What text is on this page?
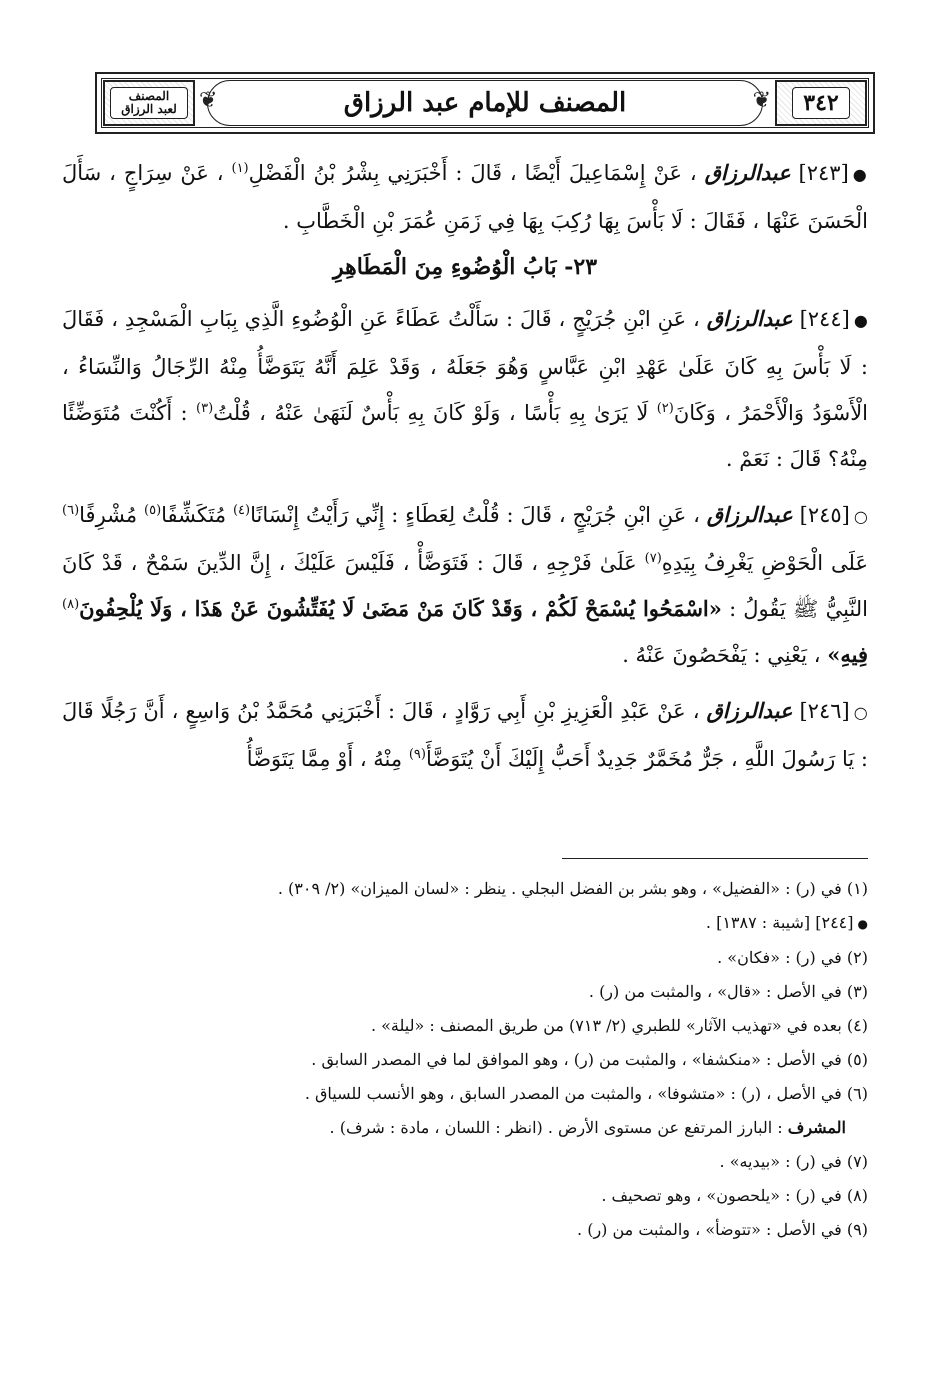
٣٤٢
❦
المصنف للإمام عبد الرزاق
❦
المصنف
لعبد الرزاق

●[٢٤٣] عبدالرزاق ، عَنْ إِسْمَاعِيلَ أَيْضًا ، قَالَ : أَخْبَرَنِي بِشْرُ بْنُ الْفَضْلِ$^{(١)}$ ، عَنْ سِرَاجٍ ، سَأَلَ الْحَسَنَ عَنْهَا ، فَقَالَ : لَا بَأْسَ بِهَا رُكِبَ بِهَا فِي زَمَنِ عُمَرَ بْنِ الْخَطَّابِ .

٢٣- بَابُ الْوُضُوءِ مِنَ الْمَطَاهِرِ

●[٢٤٤] عبدالرزاق ، عَنِ ابْنِ جُرَيْجٍ ، قَالَ : سَأَلْتُ عَطَاءً عَنِ الْوُضُوءِ الَّذِي بِبَابِ الْمَسْجِدِ ، فَقَالَ : لَا بَأْسَ بِهِ كَانَ عَلَىٰ عَهْدِ ابْنِ عَبَّاسٍ وَهُوَ جَعَلَهُ ، وَقَدْ عَلِمَ أَنَّهُ يَتَوَضَّأُ مِنْهُ الرِّجَالُ وَالنِّسَاءُ ، الْأَسْوَدُ وَالْأَحْمَرُ ، وَكَانَ$^{(٢)}$ لَا يَرَىٰ بِهِ بَأْسًا ، وَلَوْ كَانَ بِهِ بَأْسٌ لَنَهَىٰ عَنْهُ ، قُلْتُ$^{(٣)}$ : أَكُنْتَ مُتَوَضِّئًا مِنْهُ؟ قَالَ : نَعَمْ .

○[٢٤٥] عبدالرزاق ، عَنِ ابْنِ جُرَيْجٍ ، قَالَ : قُلْتُ لِعَطَاءٍ : إِنِّي رَأَيْتُ إِنْسَانًا$^{(٤)}$ مُتَكَشِّفًا$^{(٥)}$ مُشْرِفًا$^{(٦)}$ عَلَى الْحَوْضِ يَغْرِفُ بِيَدِهِ$^{(٧)}$ عَلَىٰ فَرْجِهِ ، قَالَ : فَتَوَضَّأْ ، فَلَيْسَ عَلَيْكَ ، إِنَّ الدِّينَ سَمْحٌ ، قَدْ كَانَ النَّبِيُّ ﷺ يَقُولُ : «اسْمَحُوا يُسْمَحْ لَكُمْ ، وَقَدْ كَانَ مَنْ مَضَىٰ لَا يُفَتِّشُونَ عَنْ هَذَا ، وَلَا يُلْحِفُونَ$^{(٨)}$ فِيهِ» ، يَعْنِي : يَفْحَصُونَ عَنْهُ .

○[٢٤٦] عبدالرزاق ، عَنْ عَبْدِ الْعَزِيزِ بْنِ أَبِي رَوَّادٍ ، قَالَ : أَخْبَرَنِي مُحَمَّدُ بْنُ وَاسِعٍ ، أَنَّ رَجُلًا قَالَ : يَا رَسُولَ اللَّهِ ، جَرٌّ مُخَمَّرٌ جَدِيدٌ أَحَبُّ إِلَيْكَ أَنْ يُتَوَضَّأَ$^{(٩)}$ مِنْهُ ، أَوْ مِمَّا يَتَوَضَّأُ

(١) في (ر) : «الفضيل» ، وهو بشر بن الفضل البجلي . ينظر : «لسان الميزان» (٢/ ٣٠٩) .

●[٢٤٤] [شيبة : ١٣٨٧] .

(٢) في (ر) : «فكان» .

(٣) في الأصل : «قال» ، والمثبت من (ر) .

(٤) بعده في «تهذيب الآثار» للطبري (٢/ ٧١٣) من طريق المصنف : «ليلة» .

(٥) في الأصل : «منكشفا» ، والمثبت من (ر) ، وهو الموافق لما في المصدر السابق .

(٦) في الأصل ، (ر) : «متشوفا» ، والمثبت من المصدر السابق ، وهو الأنسب للسياق .

المشرف : البارز المرتفع عن مستوى الأرض . (انظر : اللسان ، مادة : شرف) .

(٧) في (ر) : «بيديه» .

(٨) في (ر) : «يلحصون» ، وهو تصحيف .

(٩) في الأصل : «تتوضأ» ، والمثبت من (ر) .
